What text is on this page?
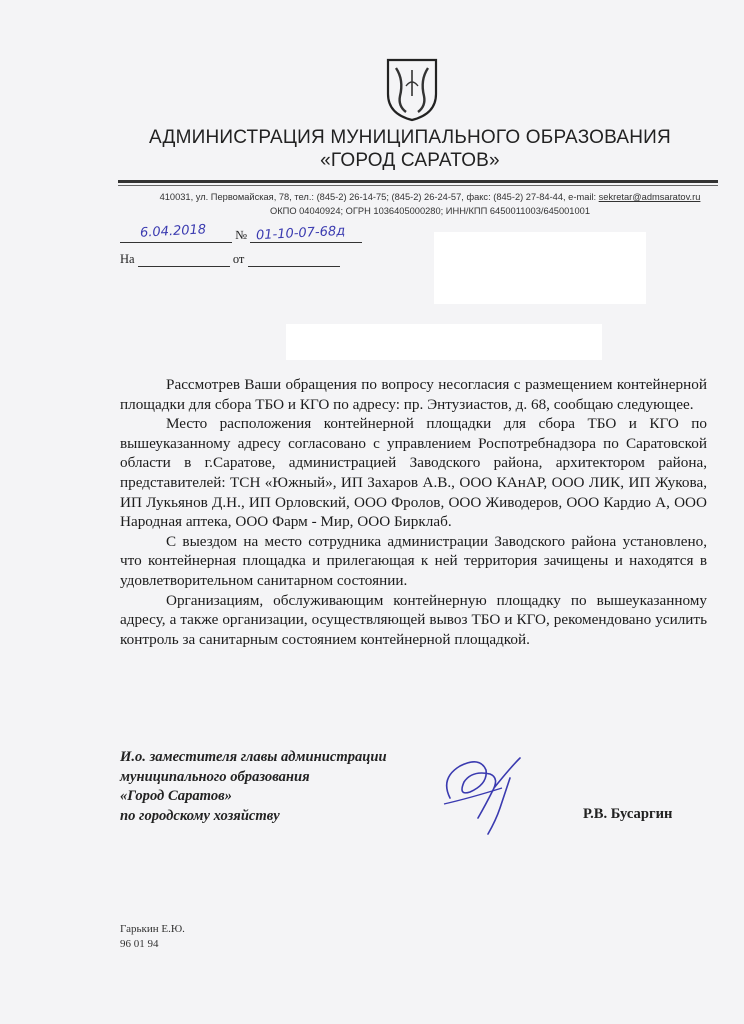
АДМИНИСТРАЦИЯ МУНИЦИПАЛЬНОГО ОБРАЗОВАНИЯ
«ГОРОД САРАТОВ»
410031, ул. Первомайская, 78, тел.: (845-2) 26-14-75; (845-2) 26-24-57, факс: (845-2) 27-84-44, e-mail: sekretar@admsaratov.ru
ОКПО 04040924; ОГРН 1036405000280; ИНН/КПП 6450011003/645001001
№
6.04.2018	01-10-07-68д
На	от

Рассмотрев Ваши обращения по вопросу несогласия с размещением контейнерной площадки для сбора ТБО и КГО по адресу: пр. Энтузиастов, д. 68, сообщаю следующее.

Место расположения контейнерной площадки для сбора ТБО и КГО по вышеуказанному адресу согласовано с управлением Роспотребнадзора по Саратовской области в г.Саратове, администрацией Заводского района, архитектором района, представителей: ТСН «Южный», ИП Захаров А.В., ООО КАнАР, ООО ЛИК, ИП Жукова, ИП Лукьянов Д.Н., ИП Орловский, ООО Фролов, ООО Живодеров, ООО Кардио А, ООО Народная аптека, ООО Фарм - Мир, ООО Бирклаб.

С выездом на место сотрудника администрации Заводского района установлено, что контейнерная площадка и прилегающая к ней территория зачищены и находятся в удовлетворительном санитарном состоянии.

Организациям, обслуживающим контейнерную площадку по вышеуказанному адресу, а также организации, осуществляющей вывоз ТБО и КГО, рекомендовано усилить контроль за санитарным состоянием контейнерной площадкой.

И.о. заместителя главы администрации
муниципального образования
«Город Саратов»
по городскому хозяйству	Р.В. Бусаргин
Гарькин Е.Ю.
96 01 94
